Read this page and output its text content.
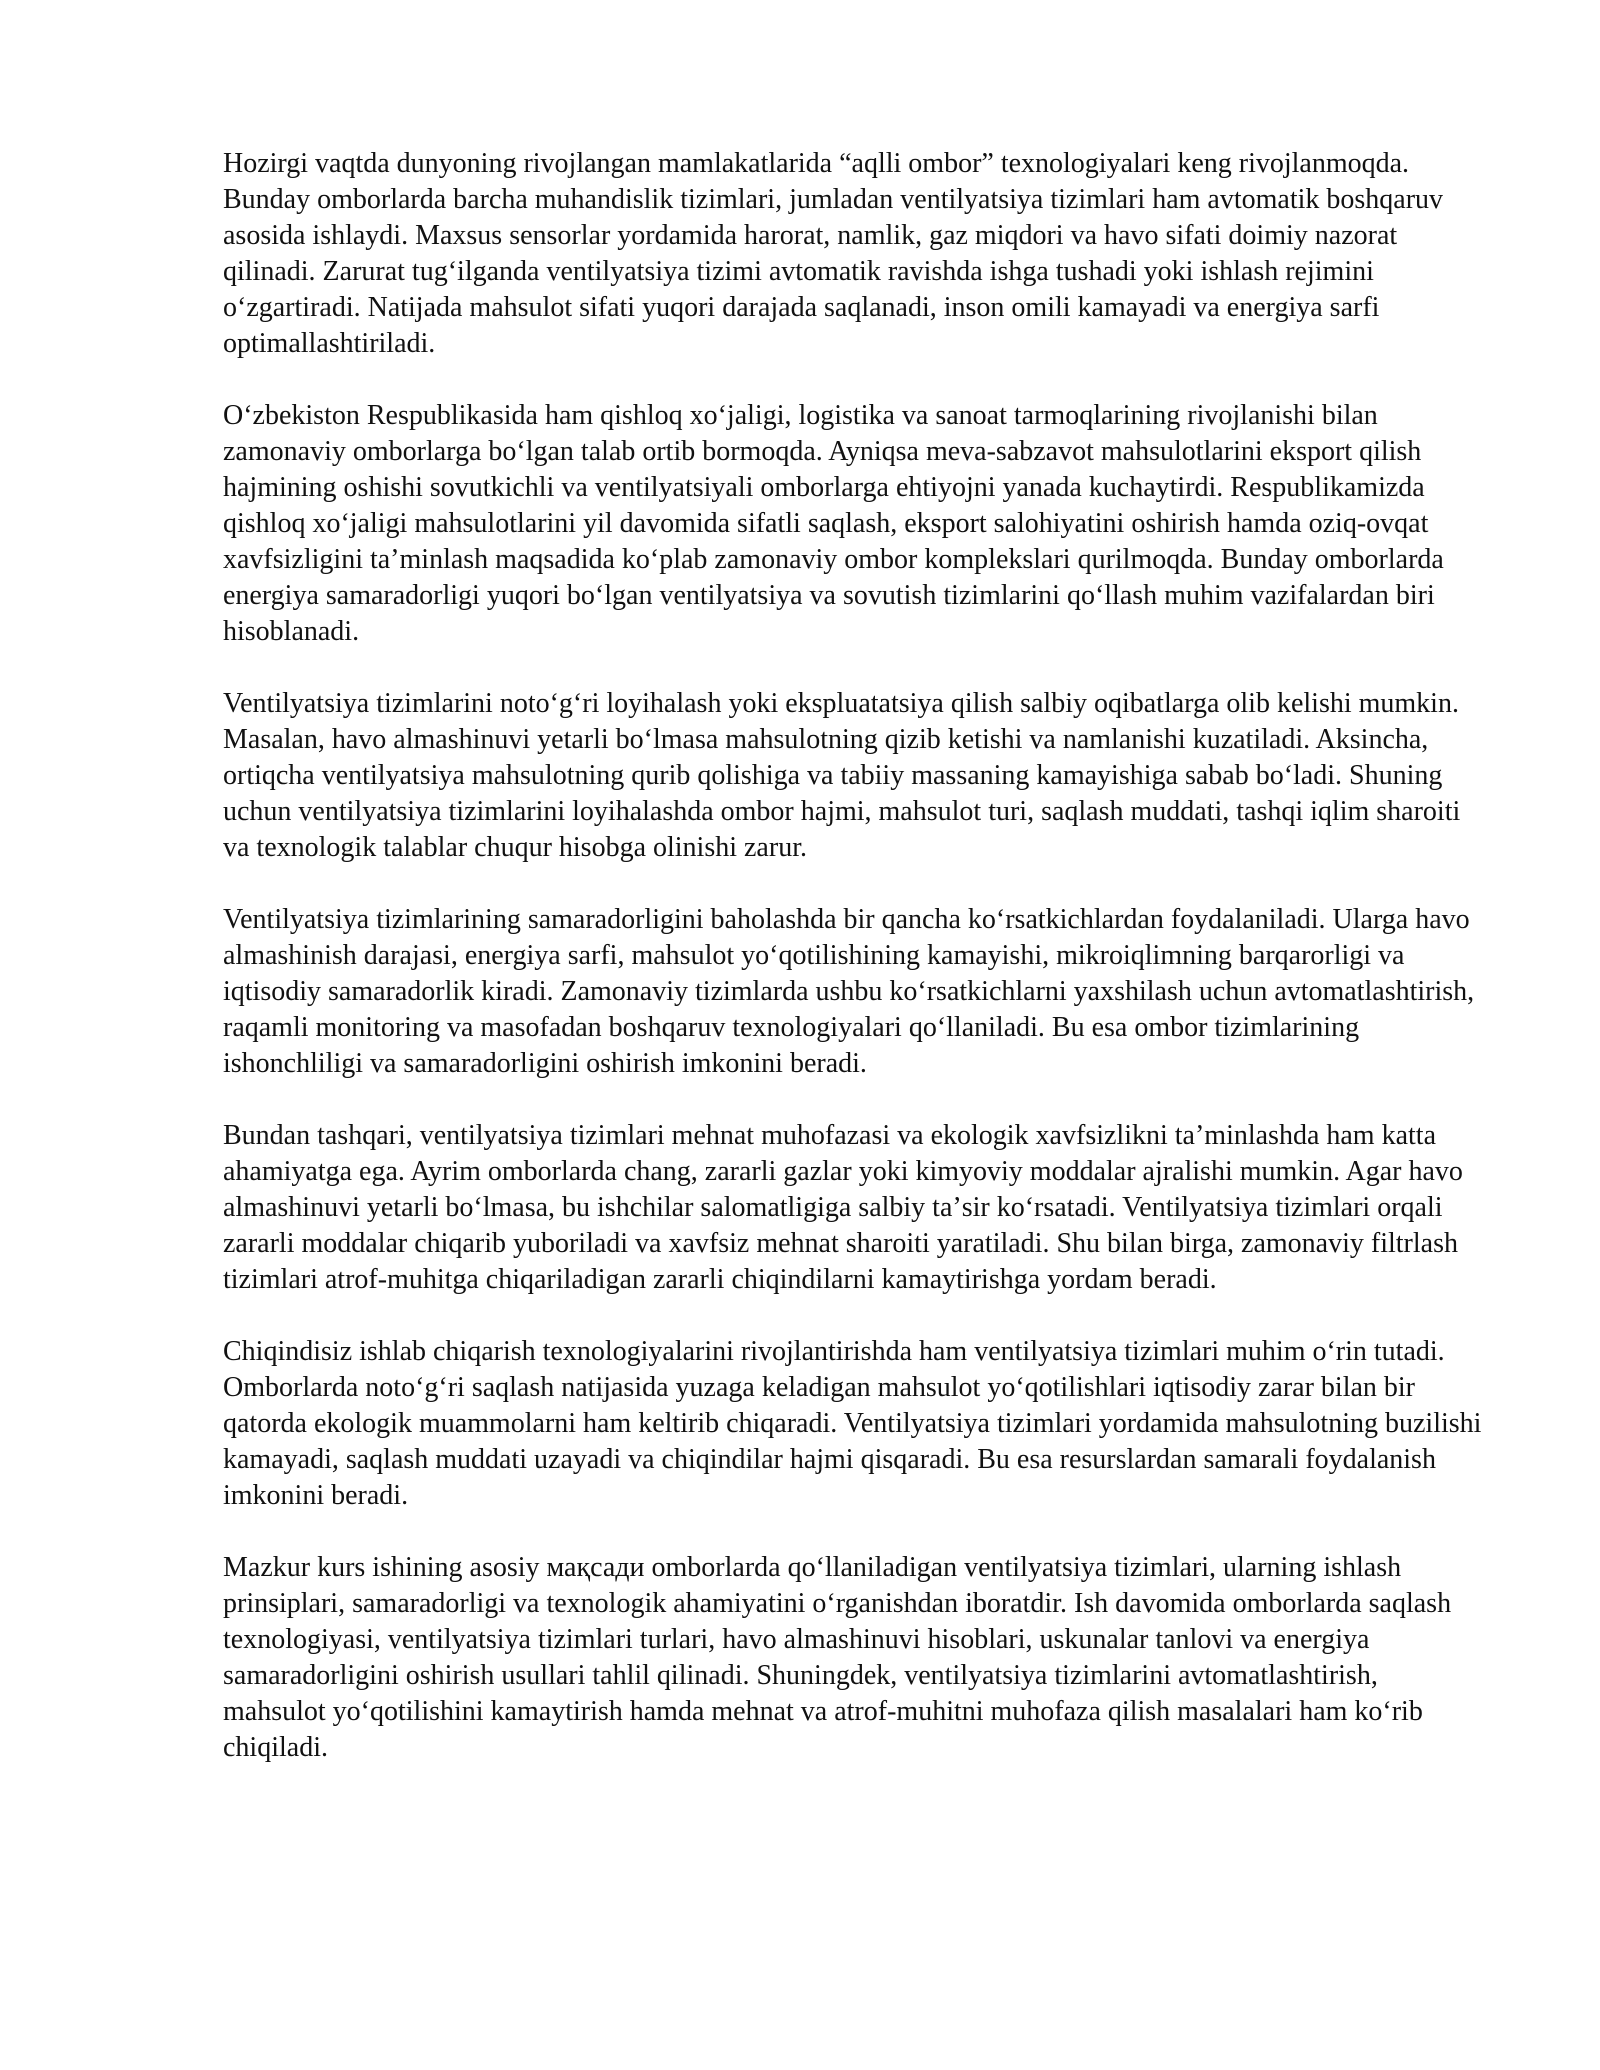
Hozirgi vaqtda dunyoning rivojlangan mamlakatlarida “aqlli ombor” texnologiyalari keng rivojlanmoqda. Bunday omborlarda barcha muhandislik tizimlari, jumladan ventilyatsiya tizimlari ham avtomatik boshqaruv asosida ishlaydi. Maxsus sensorlar yordamida harorat, namlik, gaz miqdori va havo sifati doimiy nazorat qilinadi. Zarurat tugʻilganda ventilyatsiya tizimi avtomatik ravishda ishga tushadi yoki ishlash rejimini oʻzgartiradi. Natijada mahsulot sifati yuqori darajada saqlanadi, inson omili kamayadi va energiya sarfi optimallashtiriladi.

Oʻzbekiston Respublikasida ham qishloq xoʻjaligi, logistika va sanoat tarmoqlarining rivojlanishi bilan zamonaviy omborlarga boʻlgan talab ortib bormoqda. Ayniqsa meva-sabzavot mahsulotlarini eksport qilish hajmining oshishi sovutkichli va ventilyatsiyali omborlarga ehtiyojni yanada kuchaytirdi. Respublikamizda qishloq xoʻjaligi mahsulotlarini yil davomida sifatli saqlash, eksport salohiyatini oshirish hamda oziq-ovqat xavfsizligini taʼminlash maqsadida koʻplab zamonaviy ombor komplekslari qurilmoqda. Bunday omborlarda energiya samaradorligi yuqori boʻlgan ventilyatsiya va sovutish tizimlarini qoʻllash muhim vazifalardan biri hisoblanadi.

Ventilyatsiya tizimlarini notoʻgʻri loyihalash yoki ekspluatatsiya qilish salbiy oqibatlarga olib kelishi mumkin. Masalan, havo almashinuvi yetarli boʻlmasa mahsulotning qizib ketishi va namlanishi kuzatiladi. Aksincha, ortiqcha ventilyatsiya mahsulotning qurib qolishiga va tabiiy massaning kamayishiga sabab boʻladi. Shuning uchun ventilyatsiya tizimlarini loyihalashda ombor hajmi, mahsulot turi, saqlash muddati, tashqi iqlim sharoiti va texnologik talablar chuqur hisobga olinishi zarur.

Ventilyatsiya tizimlarining samaradorligini baholashda bir qancha koʻrsatkichlardan foydalaniladi. Ularga havo almashinish darajasi, energiya sarfi, mahsulot yoʻqotilishining kamayishi, mikroiqlimning barqarorligi va iqtisodiy samaradorlik kiradi. Zamonaviy tizimlarda ushbu koʻrsatkichlarni yaxshilash uchun avtomatlashtirish, raqamli monitoring va masofadan boshqaruv texnologiyalari qoʻllaniladi. Bu esa ombor tizimlarining ishonchliligi va samaradorligini oshirish imkonini beradi.

Bundan tashqari, ventilyatsiya tizimlari mehnat muhofazasi va ekologik xavfsizlikni taʼminlashda ham katta ahamiyatga ega. Ayrim omborlarda chang, zararli gazlar yoki kimyoviy moddalar ajralishi mumkin. Agar havo almashinuvi yetarli boʻlmasa, bu ishchilar salomatligiga salbiy taʼsir koʻrsatadi. Ventilyatsiya tizimlari orqali zararli moddalar chiqarib yuboriladi va xavfsiz mehnat sharoiti yaratiladi. Shu bilan birga, zamonaviy filtrlash tizimlari atrof-muhitga chiqariladigan zararli chiqindilarni kamaytirishga yordam beradi.

Chiqindisiz ishlab chiqarish texnologiyalarini rivojlantirishda ham ventilyatsiya tizimlari muhim oʻrin tutadi. Omborlarda notoʻgʻri saqlash natijasida yuzaga keladigan mahsulot yoʻqotilishlari iqtisodiy zarar bilan bir qatorda ekologik muammolarni ham keltirib chiqaradi. Ventilyatsiya tizimlari yordamida mahsulotning buzilishi kamayadi, saqlash muddati uzayadi va chiqindilar hajmi qisqaradi. Bu esa resurslardan samarali foydalanish imkonini beradi.

Mazkur kurs ishining asosiy мақсади omborlarda qoʻllaniladigan ventilyatsiya tizimlari, ularning ishlash prinsiplari, samaradorligi va texnologik ahamiyatini oʻrganishdan iboratdir. Ish davomida omborlarda saqlash texnologiyasi, ventilyatsiya tizimlari turlari, havo almashinuvi hisoblari, uskunalar tanlovi va energiya samaradorligini oshirish usullari tahlil qilinadi. Shuningdek, ventilyatsiya tizimlarini avtomatlashtirish, mahsulot yoʻqotilishini kamaytirish hamda mehnat va atrof-muhitni muhofaza qilish masalalari ham koʻrib chiqiladi.
